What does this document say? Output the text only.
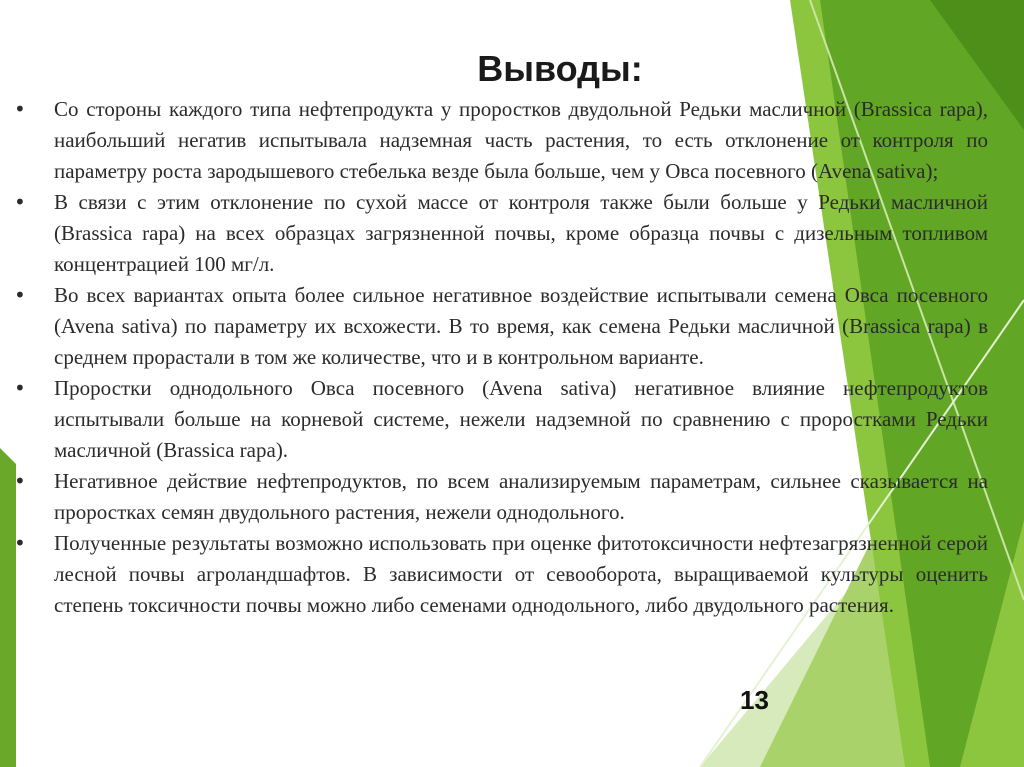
Выводы:
•	Со стороны каждого типа нефтепродукта у проростков двудольной Редьки масличной (Brassica rapa), наибольший негатив испытывала надземная часть растения, то есть отклонение от контроля по параметру роста зародышевого стебелька везде была больше, чем у Овса посевного (Avena sativa);
•	В связи с этим отклонение по сухой массе от контроля также были больше у Редьки масличной (Brassica rapa) на всех образцах загрязненной почвы, кроме образца почвы с дизельным топливом концентрацией 100 мг/л.
•	Во всех вариантах опыта более сильное негативное воздействие испытывали семена Овса посевного (Avena sativa) по параметру их всхожести. В то время, как семена Редьки масличной (Brassica rapa) в среднем прорастали в том же количестве, что и в контрольном варианте.
•	Проростки однодольного Овса посевного (Avena sativa) негативное влияние нефтепродуктов испытывали больше на корневой системе, нежели надземной по сравнению с проростками Редьки масличной (Brassica rapa).
•	Негативное действие нефтепродуктов, по всем анализируемым параметрам, сильнее сказывается на проростках семян двудольного растения, нежели однодольного.
•	Полученные результаты возможно использовать при оценке фитотоксичности нефтезагрязненной серой лесной почвы агроландшафтов. В зависимости от севооборота, выращиваемой культуры оценить степень токсичности почвы можно либо семенами однодольного, либо двудольного растения.
13
